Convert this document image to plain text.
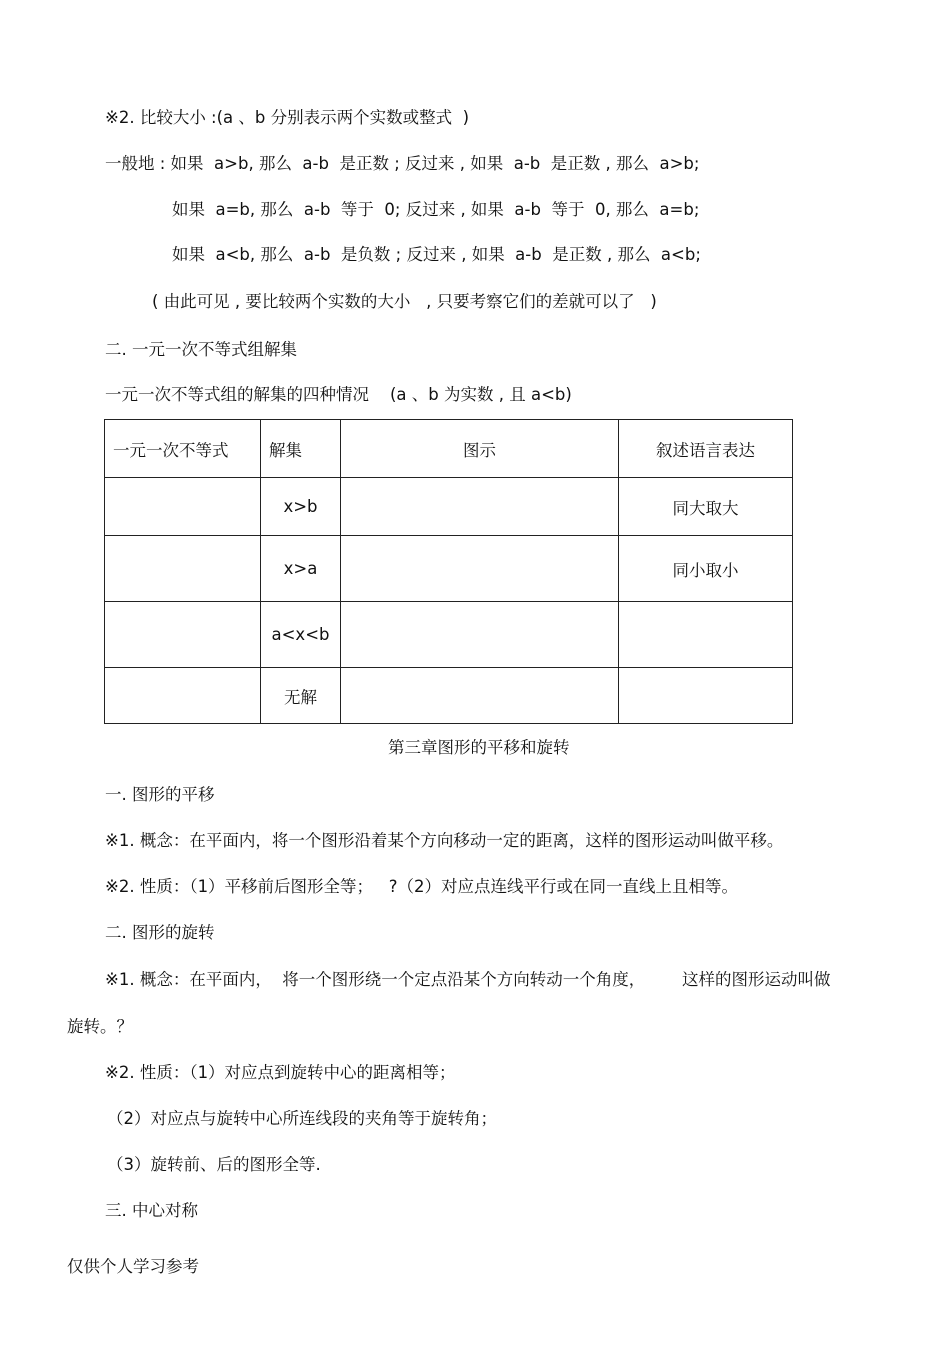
※2. 比较大小 :(a 、b 分别表示两个实数或整式  )
一般地 : 如果  a>b, 那么  a-b  是正数 ; 反过来 , 如果  a-b  是正数 , 那么  a>b;
如果  a=b, 那么  a-b  等于  0; 反过来 , 如果  a-b  等于  0, 那么  a=b;
如果  a<b, 那么  a-b  是负数 ; 反过来 , 如果  a-b  是正数 , 那么  a<b;
( 由此可见 , 要比较两个实数的大小   , 只要考察它们的差就可以了   )
二. 一元一次不等式组解集
一元一次不等式组的解集的四种情况    (a 、b 为实数 , 且 a<b)
一元一次不等式	解集	图示	叙述语言表达
	x>b		同大取大
	x>a		同小取小
	a<x<b		
	无解		
第三章图形的平移和旋转
一. 图形的平移
※1. 概念：在平面内，将一个图形沿着某个方向移动一定的距离，这样的图形运动叫做平移。
※2. 性质：（1）平移前后图形全等；   ?（2）对应点连线平行或在同一直线上且相等。
二. 图形的旋转
※1. 概念：在平面内，  将一个图形绕一个定点沿某个方向转动一个角度，       这样的图形运动叫做
旋转。？
※2. 性质：（1）对应点到旋转中心的距离相等；
（2）对应点与旋转中心所连线段的夹角等于旋转角；
（3）旋转前、后的图形全等.
三. 中心对称
仅供个人学习参考
